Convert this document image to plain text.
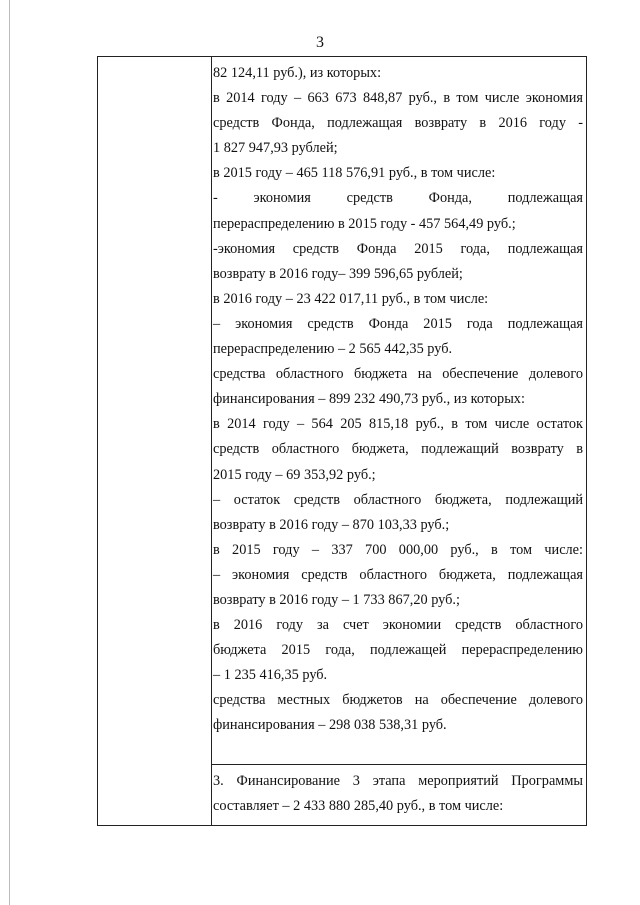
3

82 124,11 руб.), из которых:

в 2014 году – 663 673 848,87 руб., в том числе экономия

средств Фонда, подлежащая возврату в 2016 году -

1 827 947,93 рублей;

в 2015 году – 465 118 576,91 руб., в том числе:

- экономия средств Фонда, подлежащая

перераспределению в 2015 году - 457 564,49 руб.;

-экономия средств Фонда 2015 года, подлежащая

возврату в 2016 году– 399 596,65 рублей;

в 2016 году – 23 422 017,11 руб., в том числе:

– экономия средств Фонда 2015 года подлежащая

перераспределению – 2 565 442,35 руб.

средства областного бюджета на обеспечение долевого

финансирования – 899 232 490,73 руб., из которых:

в 2014 году – 564 205 815,18 руб., в том числе остаток

средств областного бюджета, подлежащий возврату в

2015 году – 69 353,92 руб.;

– остаток средств областного бюджета, подлежащий

возврату в 2016 году – 870 103,33 руб.;

в 2015 году – 337 700 000,00 руб., в том числе:

– экономия средств областного бюджета, подлежащая

возврату в 2016 году – 1 733 867,20 руб.;

в 2016 году за счет экономии средств областного

бюджета 2015 года, подлежащей перераспределению

– 1 235 416,35 руб.

средства местных бюджетов на обеспечение долевого

финансирования – 298 038 538,31 руб.

3. Финансирование 3 этапа мероприятий Программы

составляет – 2 433 880 285,40 руб., в том числе:
